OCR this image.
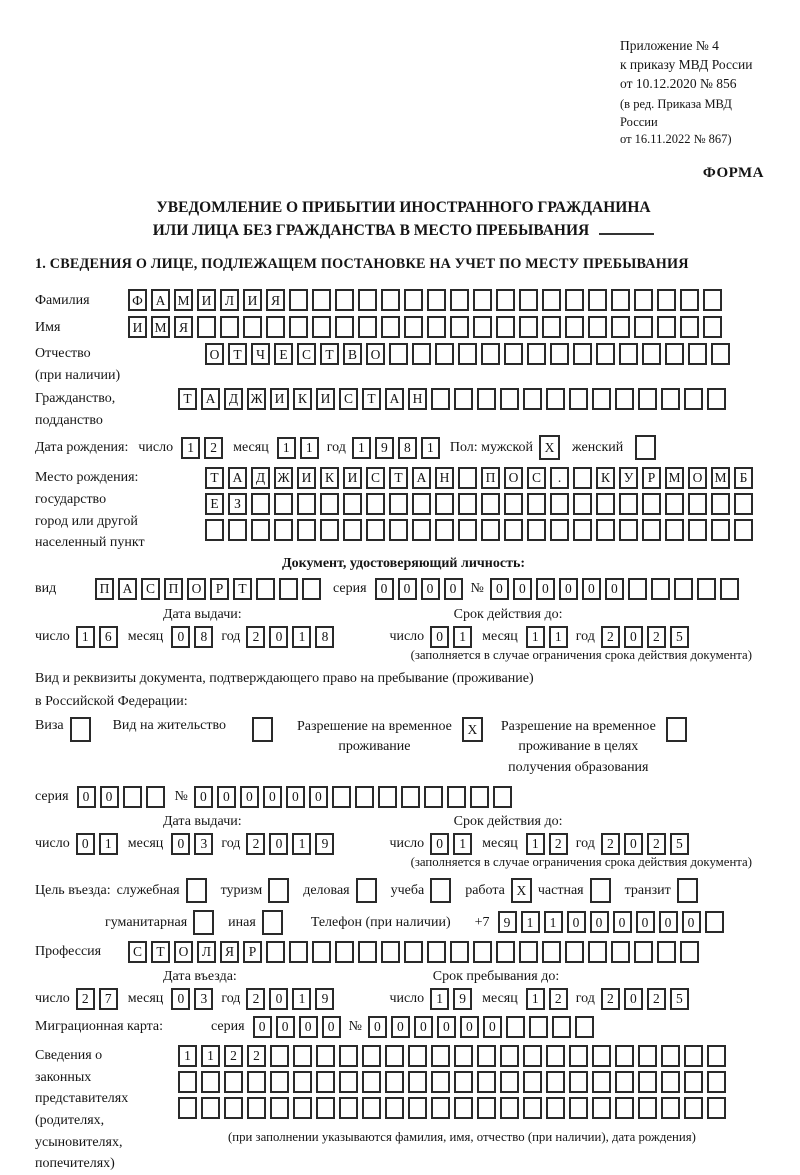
Приложение № 4
к приказу МВД России
от 10.12.2020 № 856
(в ред. Приказа МВД России
от 16.11.2022 № 867)
ФОРМА
УВЕДОМЛЕНИЕ О ПРИБЫТИИ ИНОСТРАННОГО ГРАЖДАНИНА
ИЛИ ЛИЦА БЕЗ ГРАЖДАНСТВА В МЕСТО ПРЕБЫВАНИЯ
1. СВЕДЕНИЯ О ЛИЦЕ, ПОДЛЕЖАЩЕМ ПОСТАНОВКЕ НА УЧЕТ ПО МЕСТУ ПРЕБЫВАНИЯ
Фамилия	Ф А М И	Л	И	Я
Имя	И М Я
Отчество
(при наличии)
О	Т	Ч	Е	С	Т	В	О
Гражданство,
подданство
Т	А	Д Ж И	К	И	С	Т	А Н
Дата рождения: число	1	2	месяц	1	1	год 1	9	8	1	Пол: мужской X	женский
Место рождения:
государство
город или другой
населенный пункт
Т	А	Д Ж И	К	И	С	Т	А Н	П О	С	.	К	У	Р М О М Б
Е	З
Документ, удостоверяющий личность:
вид	П А	С	П О	Р	Т	серия	0	0	0	0	№ 0	0	0	0	0	0
Дата выдачи:	Срок действия до:
число 1	6	месяц	0	8	год 2	0	1	8	число 0	1	месяц	1	1	год 2	0	2	5
(заполняется в случае ограничения срока действия документа)
Вид и реквизиты документа, подтверждающего право на пребывание (проживание)
в Российской Федерации:
Виза	Вид на жительство	Разрешение на временное
проживание
X	Разрешение на временное
проживание в целях
получения образования
серия	0	0	№ 0	0	0	0	0	0
Дата выдачи:	Срок действия до:
число 0	1	месяц	0	3	год 2	0	1	9	число 0	1	месяц	1	2	год 2	0	2	5
(заполняется в случае ограничения срока действия документа)
Цель въезда: служебная	туризм	деловая	учеба	работа X частная	транзит
гуманитарная	иная	Телефон (при наличии) +7	9	1	1	0	0	0	0	0	0
Профессия	С	Т	О	Л	Я	Р
Дата въезда:	Срок пребывания до:
число 2	7	месяц	0	3	год 2	0	1	9	число 1	9	месяц	1	2	год 2	0	2	5
Миграционная карта:	серия	0	0	0	0	№ 0	0	0	0	0	0
Сведения о
законных
представителях
(родителях,
усыновителях,
попечителях)
1	1	2	2
(при заполнении указываются фамилия, имя, отчество (при наличии), дата рождения)
